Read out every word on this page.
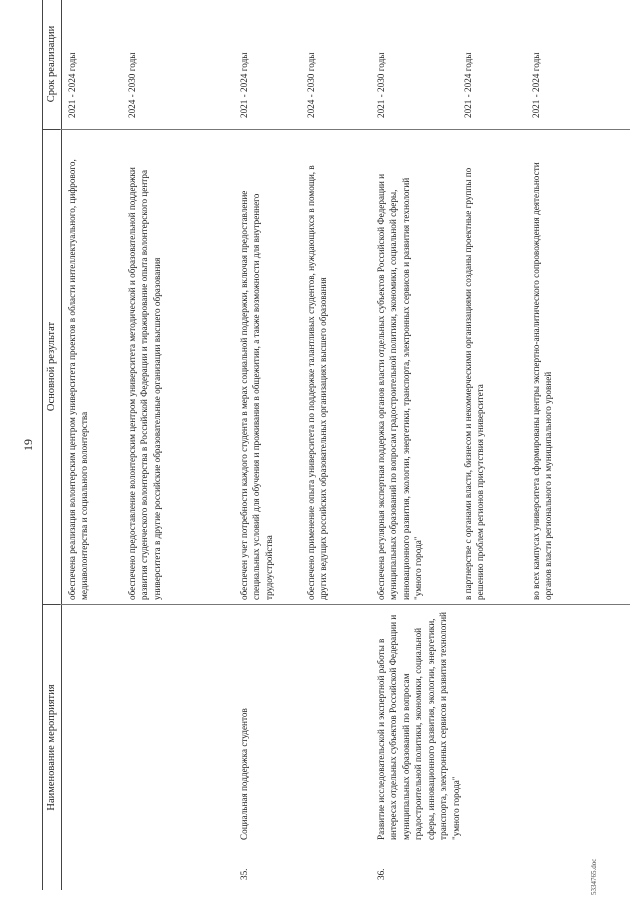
19
Наименование мероприятия
Основной результат
Срок реализации
обеспечена реализация волонтерским центром университета проектов в области интеллектуального, цифрового, медиаволонтерства и социального волонтерства
2021 - 2024 годы
обеспечено предоставление волонтерским центром университета методической и образовательной поддержки развития студенческого волонтерства в Российской Федерации и тиражирование опыта волонтерского центра университета в другие российские образовательные организации высшего образования
2024 - 2030 годы
35.
Социальная поддержка студентов
обеспечен учет потребности каждого студента в мерах социальной поддержки, включая предоставление специальных условий для обучения и проживания в общежитии, а также возможности для внутреннего трудоустройства
2021 - 2024 годы
обеспечено применение опыта университета по поддержке талантливых студентов, нуждающихся в помощи, в других ведущих российских образовательных организациях высшего образования
2024 - 2030 годы
36.
Развитие исследовательской и экспертной работы в интересах отдельных субъектов Российской Федерации и муниципальных образований по вопросам градостроительной политики, экономики, социальной сферы, инновационного развития, экологии, энергетики, транспорта, электронных сервисов и развития технологий "умного города"
обеспечена регулярная экспертная поддержка органов власти отдельных субъектов Российской Федерации и муниципальных образований по вопросам градостроительной политики, экономики, социальной сферы, инновационного развития, экологии, энергетики, транспорта, электронных сервисов и развития технологий "умного города"
2021 - 2030 годы
в партнерстве с органами власти, бизнесом и некоммерческими организациями созданы проектные группы по решению проблем регионов присутствия университета
2021 - 2024 годы
во всех кампусах университета сформированы центры экспертно-аналитического сопровождения деятельности органов власти регионального и муниципального уровней
2021 - 2024 годы
5334765.doc
